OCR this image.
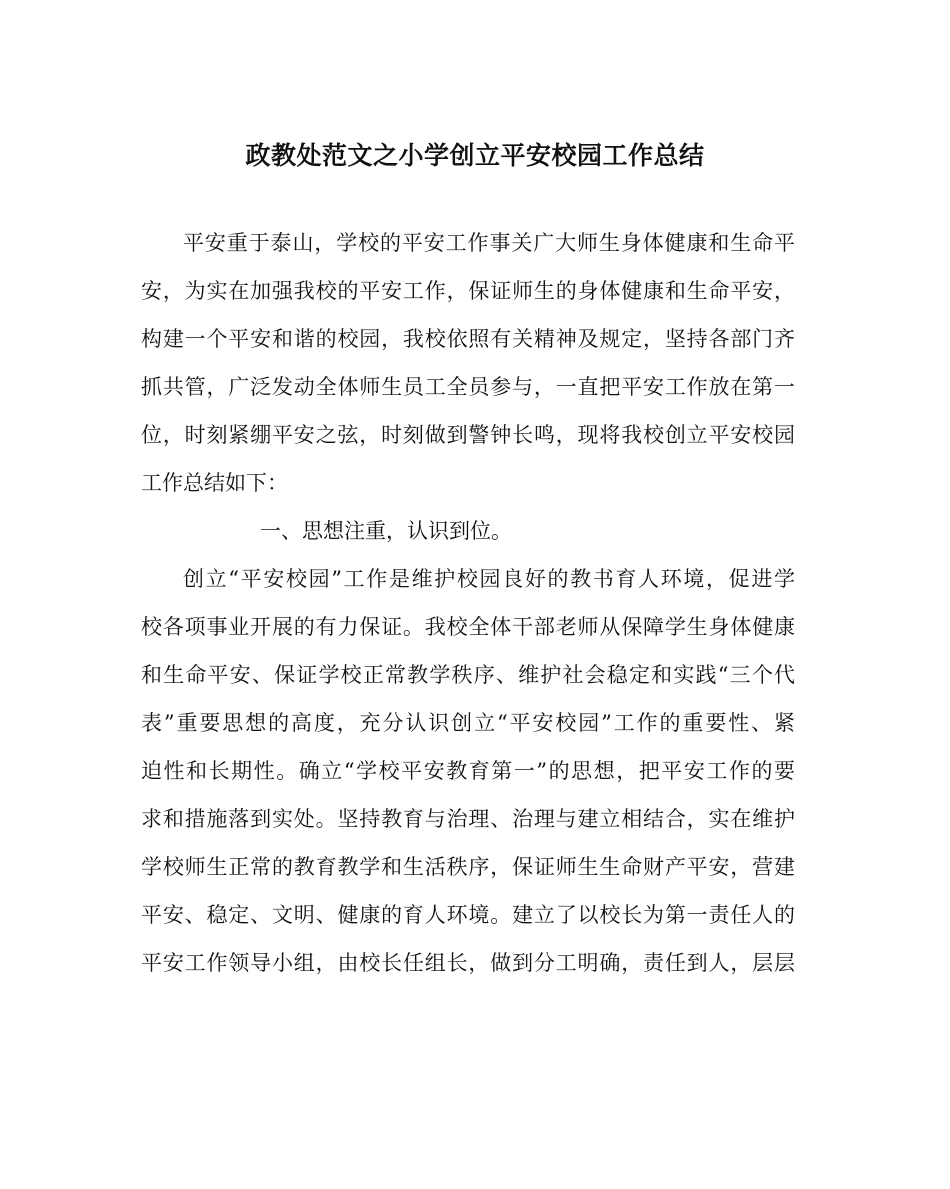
政教处范文之小学创立平安校园工作总结
平安重于泰山，学校的平安工作事关广大师生身体健康和生命平
安，为实在加强我校的平安工作，保证师生的身体健康和生命平安，
构建一个平安和谐的校园，我校依照有关精神及规定，坚持各部门齐
抓共管，广泛发动全体师生员工全员参与，一直把平安工作放在第一
位，时刻紧绷平安之弦，时刻做到警钟长鸣，现将我校创立平安校园
工作总结如下：
一、思想注重，认识到位。
创立“平安校园”工作是维护校园良好的教书育人环境，促进学
校各项事业开展的有力保证。我校全体干部老师从保障学生身体健康
和生命平安、保证学校正常教学秩序、维护社会稳定和实践“三个代
表”重要思想的高度，充分认识创立“平安校园”工作的重要性、紧
迫性和长期性。确立“学校平安教育第一”的思想，把平安工作的要
求和措施落到实处。坚持教育与治理、治理与建立相结合，实在维护
学校师生正常的教育教学和生活秩序，保证师生生命财产平安，营建
平安、稳定、文明、健康的育人环境。建立了以校长为第一责任人的
平安工作领导小组，由校长任组长，做到分工明确，责任到人，层层
